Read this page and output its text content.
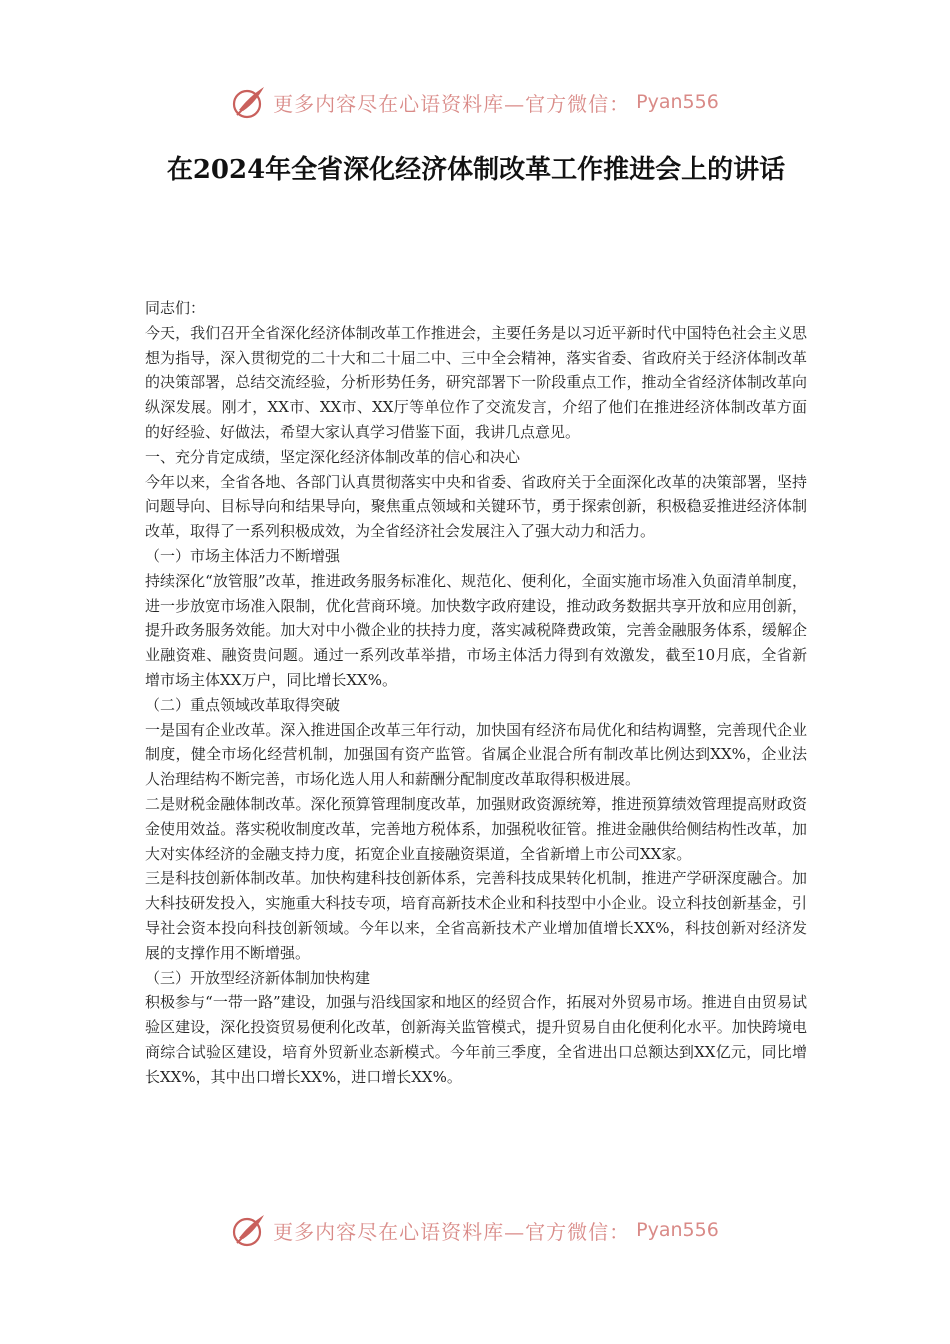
更多内容尽在心语资料库—官方微信： Pyan556
在2024年全省深化经济体制改革工作推进会上的讲话

同志们：

今天，我们召开全省深化经济体制改革工作推进会，主要任务是以习近平新时代中国特色社会主义思想为指导，深入贯彻党的二十大和二十届二中、三中全会精神，落实省委、省政府关于经济体制改革的决策部署，总结交流经验，分析形势任务，研究部署下一阶段重点工作，推动全省经济体制改革向纵深发展。刚才，XX市、XX市、XX厅等单位作了交流发言，介绍了他们在推进经济体制改革方面的好经验、好做法，希望大家认真学习借鉴下面，我讲几点意见。

一、充分肯定成绩，坚定深化经济体制改革的信心和决心

今年以来，全省各地、各部门认真贯彻落实中央和省委、省政府关于全面深化改革的决策部署，坚持问题导向、目标导向和结果导向，聚焦重点领域和关键环节，勇于探索创新，积极稳妥推进经济体制改革，取得了一系列积极成效，为全省经济社会发展注入了强大动力和活力。

（一）市场主体活力不断增强

持续深化“放管服”改革，推进政务服务标准化、规范化、便利化，全面实施市场准入负面清单制度，进一步放宽市场准入限制，优化营商环境。加快数字政府建设，推动政务数据共享开放和应用创新，提升政务服务效能。加大对中小微企业的扶持力度，落实减税降费政策，完善金融服务体系，缓解企业融资难、融资贵问题。通过一系列改革举措，市场主体活力得到有效激发，截至10月底，全省新增市场主体XX万户，同比增长XX%。

（二）重点领域改革取得突破

一是国有企业改革。深入推进国企改革三年行动，加快国有经济布局优化和结构调整，完善现代企业制度，健全市场化经营机制，加强国有资产监管。省属企业混合所有制改革比例达到XX%，企业法人治理结构不断完善，市场化选人用人和薪酬分配制度改革取得积极进展。

二是财税金融体制改革。深化预算管理制度改革，加强财政资源统筹，推进预算绩效管理提高财政资金使用效益。落实税收制度改革，完善地方税体系，加强税收征管。推进金融供给侧结构性改革，加大对实体经济的金融支持力度，拓宽企业直接融资渠道，全省新增上市公司XX家。

三是科技创新体制改革。加快构建科技创新体系，完善科技成果转化机制，推进产学研深度融合。加大科技研发投入，实施重大科技专项，培育高新技术企业和科技型中小企业。设立科技创新基金，引导社会资本投向科技创新领域。今年以来，全省高新技术产业增加值增长XX%，科技创新对经济发展的支撑作用不断增强。

（三）开放型经济新体制加快构建

积极参与“一带一路”建设，加强与沿线国家和地区的经贸合作，拓展对外贸易市场。推进自由贸易试验区建设，深化投资贸易便利化改革，创新海关监管模式，提升贸易自由化便利化水平。加快跨境电商综合试验区建设，培育外贸新业态新模式。今年前三季度，全省进出口总额达到XX亿元，同比增长XX%，其中出口增长XX%，进口增长XX%。

更多内容尽在心语资料库—官方微信： Pyan556
